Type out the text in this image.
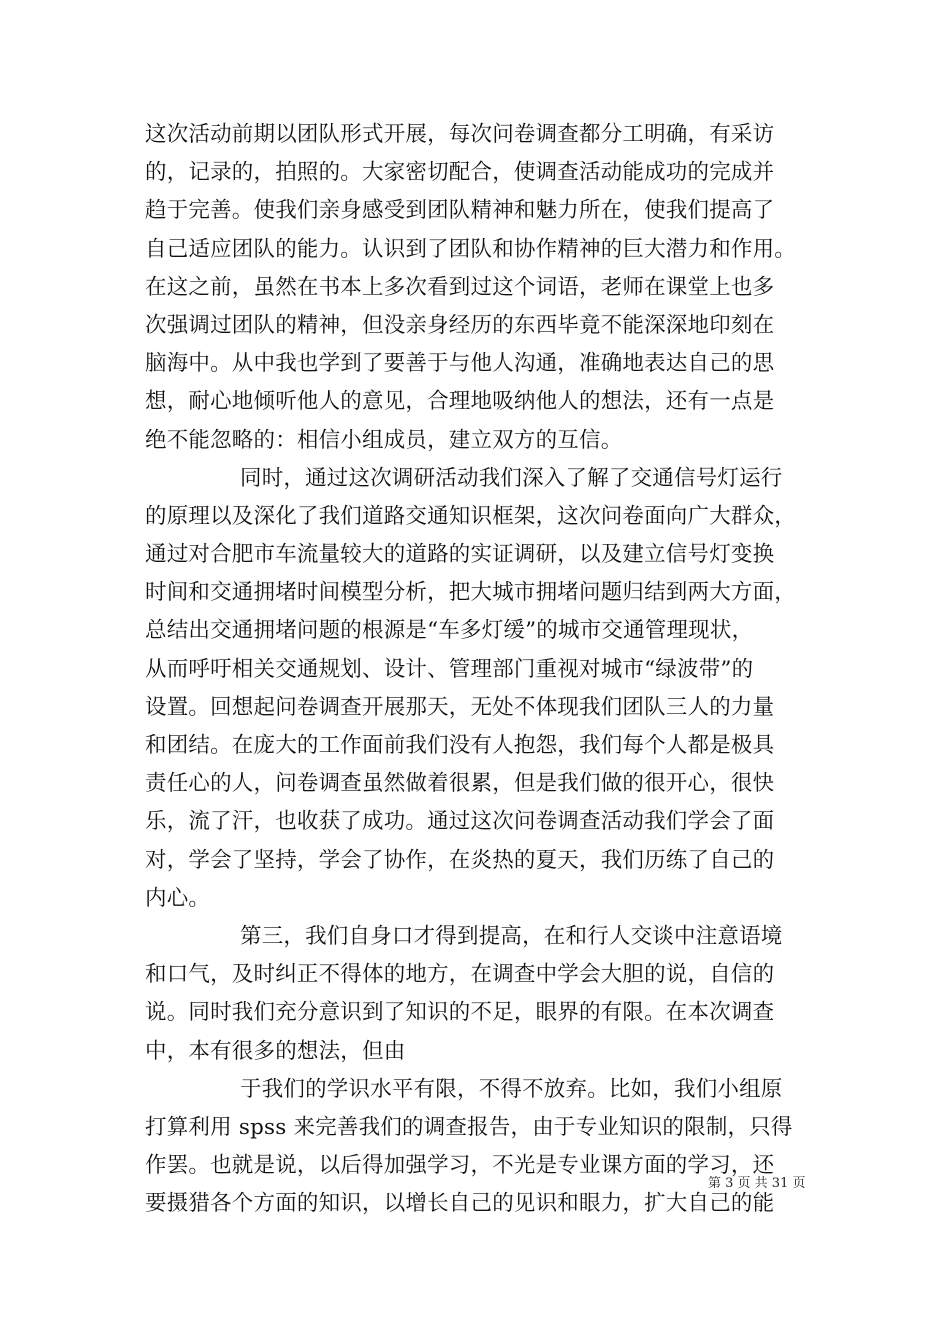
这次活动前期以团队形式开展，每次问卷调查都分工明确，有采访
的，记录的，拍照的。大家密切配合，使调查活动能成功的完成并
趋于完善。使我们亲身感受到团队精神和魅力所在，使我们提高了
自己适应团队的能力。认识到了团队和协作精神的巨大潜力和作用。
在这之前，虽然在书本上多次看到过这个词语，老师在课堂上也多
次强调过团队的精神，但没亲身经历的东西毕竟不能深深地印刻在
脑海中。从中我也学到了要善于与他人沟通，准确地表达自己的思
想，耐心地倾听他人的意见，合理地吸纳他人的想法，还有一点是
绝不能忽略的：相信小组成员，建立双方的互信。
同时，通过这次调研活动我们深入了解了交通信号灯运行
的原理以及深化了我们道路交通知识框架，这次问卷面向广大群众，
通过对合肥市车流量较大的道路的实证调研，以及建立信号灯变换
时间和交通拥堵时间模型分析，把大城市拥堵问题归结到两大方面，
总结出交通拥堵问题的根源是“车多灯缓”的城市交通管理现状，
从而呼吁相关交通规划、设计、管理部门重视对城市“绿波带”的
设置。回想起问卷调查开展那天，无处不体现我们团队三人的力量
和团结。在庞大的工作面前我们没有人抱怨，我们每个人都是极具
责任心的人，问卷调查虽然做着很累，但是我们做的很开心，很快
乐，流了汗，也收获了成功。通过这次问卷调查活动我们学会了面
对，学会了坚持，学会了协作，在炎热的夏天，我们历练了自己的
内心。
第三，我们自身口才得到提高，在和行人交谈中注意语境
和口气，及时纠正不得体的地方，在调查中学会大胆的说，自信的
说。同时我们充分意识到了知识的不足，眼界的有限。在本次调查
中，本有很多的想法，但由
于我们的学识水平有限，不得不放弃。比如，我们小组原
打算利用 spss 来完善我们的调查报告，由于专业知识的限制，只得
作罢。也就是说，以后得加强学习，不光是专业课方面的学习，还
要摄猎各个方面的知识，以增长自己的见识和眼力，扩大自己的能
第 3 页 共 31 页
